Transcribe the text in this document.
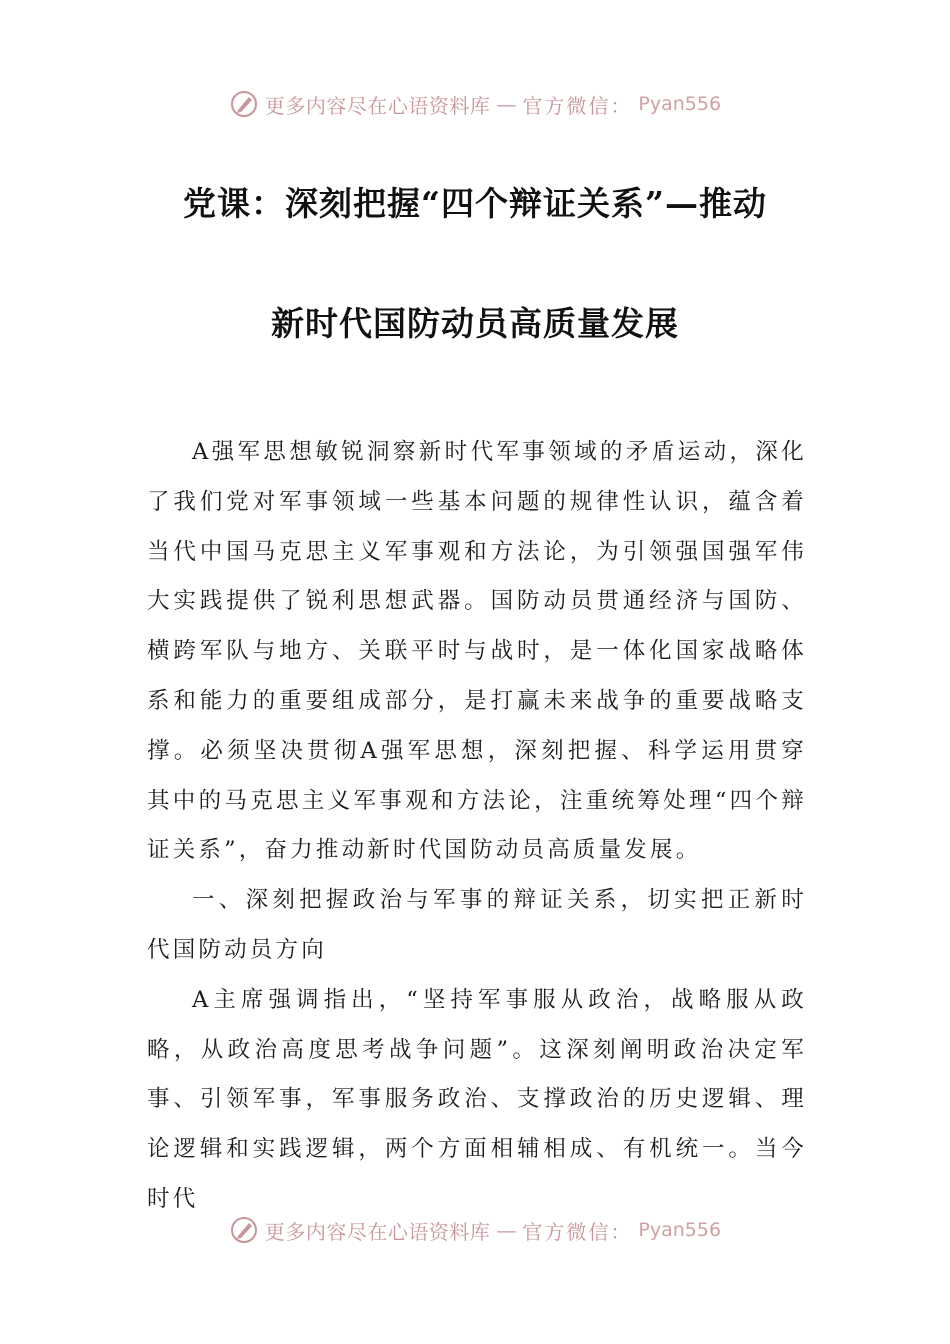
更多内容尽在心语资料库 — 官方微信： Pyan556
党课：深刻把握“四个辩证关系”—推动
新时代国防动员高质量发展

A强军思想敏锐洞察新时代军事领域的矛盾运动，深化了我们党对军事领域一些基本问题的规律性认识，蕴含着当代中国马克思主义军事观和方法论，为引领强国强军伟大实践提供了锐利思想武器。国防动员贯通经济与国防、横跨军队与地方、关联平时与战时，是一体化国家战略体系和能力的重要组成部分，是打赢未来战争的重要战略支撑。必须坚决贯彻A强军思想，深刻把握、科学运用贯穿其中的马克思主义军事观和方法论，注重统筹处理“四个辩证关系”，奋力推动新时代国防动员高质量发展。

一、深刻把握政治与军事的辩证关系，切实把正新时代国防动员方向

A主席强调指出，“坚持军事服从政治，战略服从政略，从政治高度思考战争问题”。这深刻阐明政治决定军事、引领军事，军事服务政治、支撑政治的历史逻辑、理论逻辑和实践逻辑，两个方面相辅相成、有机统一。当今时代

更多内容尽在心语资料库 — 官方微信： Pyan556
